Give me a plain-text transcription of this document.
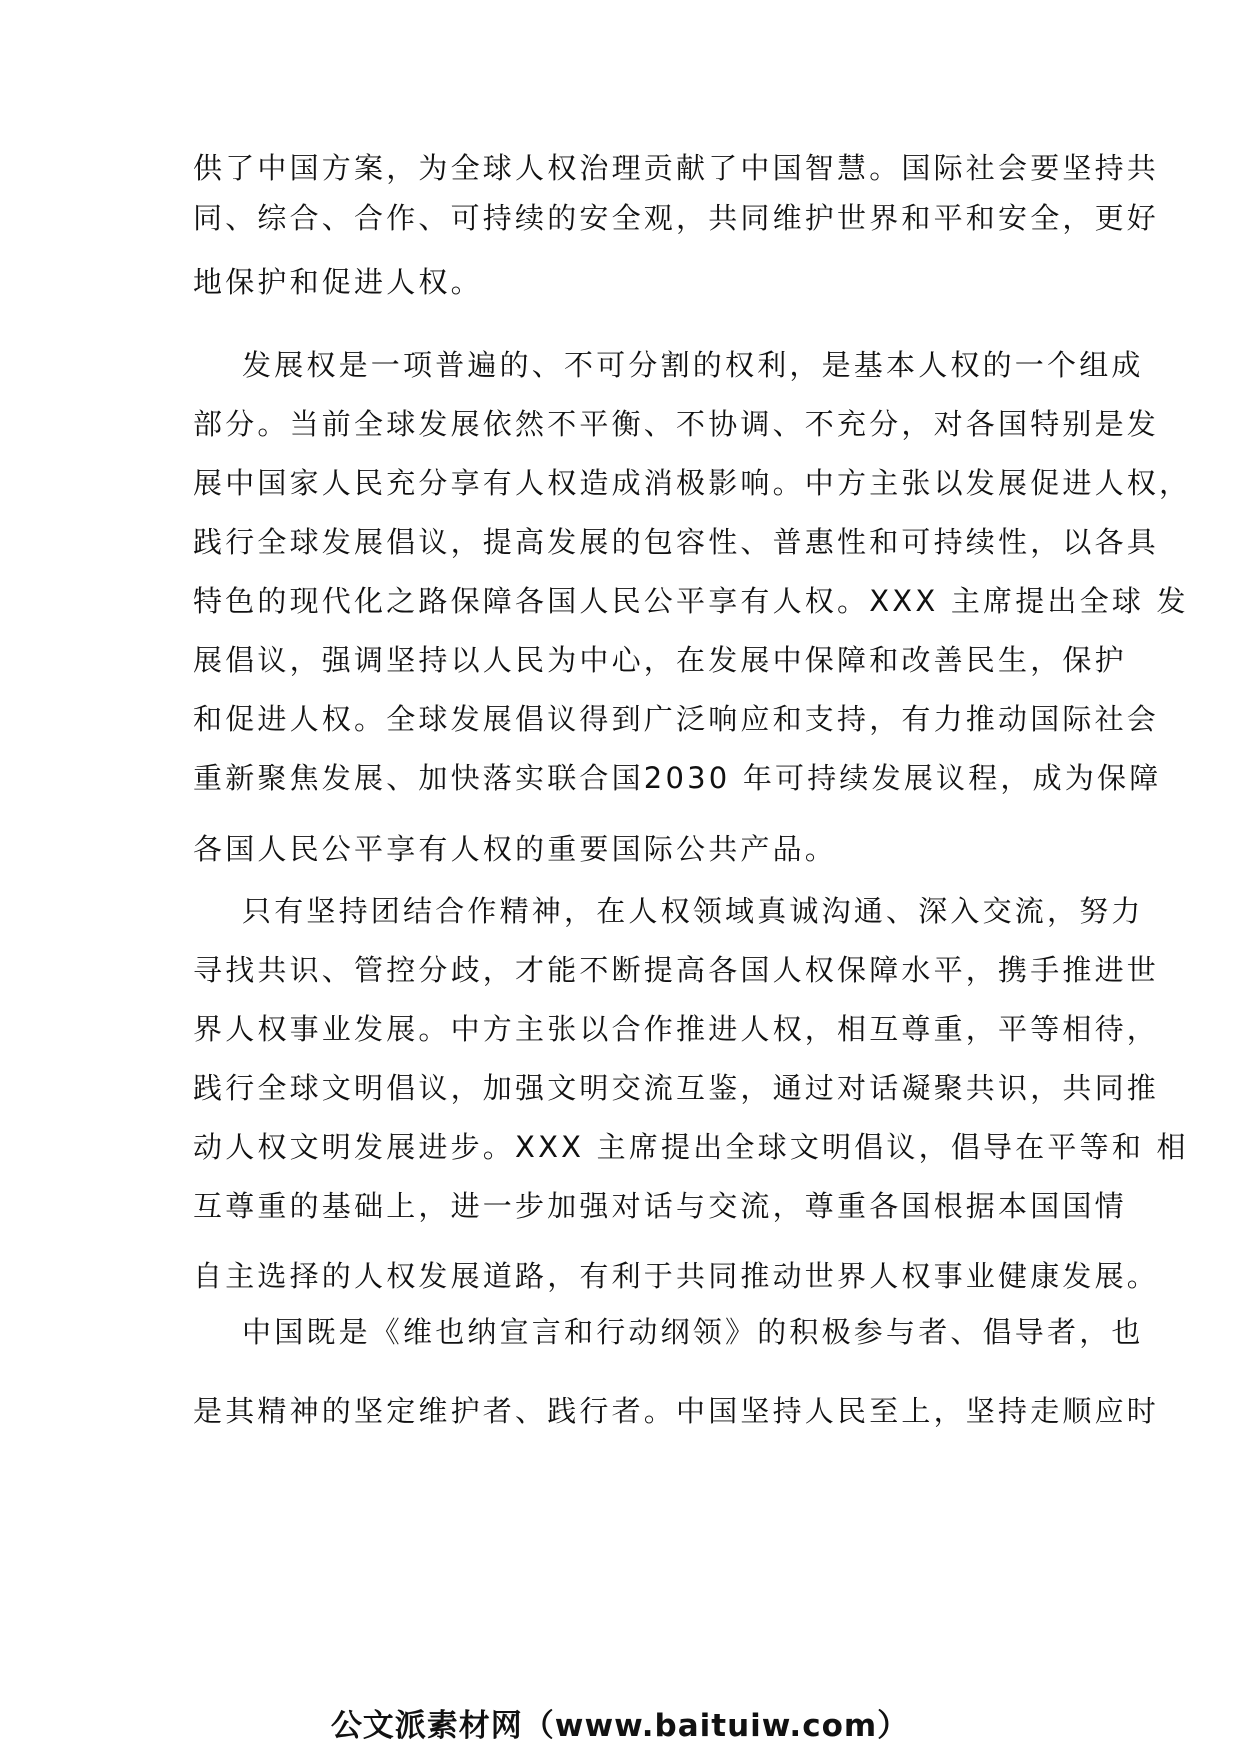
供了中国方案，为全球人权治理贡献了中国智慧。国际社会要坚持共
同、综合、合作、可持续的安全观，共同维护世界和平和安全，更好
地保护和促进人权。
发展权是一项普遍的、不可分割的权利，是基本人权的一个组成
部分。当前全球发展依然不平衡、不协调、不充分，对各国特别是发
展中国家人民充分享有人权造成消极影响。中方主张以发展促进人权，
践行全球发展倡议，提高发展的包容性、普惠性和可持续性，以各具
特色的现代化之路保障各国人民公平享有人权。XXX 主席提出全球 发
展倡议，强调坚持以人民为中心，在发展中保障和改善民生，保护
和促进人权。全球发展倡议得到广泛响应和支持，有力推动国际社会
重新聚焦发展、加快落实联合国2030 年可持续发展议程，成为保障
各国人民公平享有人权的重要国际公共产品。
只有坚持团结合作精神，在人权领域真诚沟通、深入交流，努力
寻找共识、管控分歧，才能不断提高各国人权保障水平，携手推进世
界人权事业发展。中方主张以合作推进人权，相互尊重，平等相待，
践行全球文明倡议，加强文明交流互鉴，通过对话凝聚共识，共同推
动人权文明发展进步。XXX 主席提出全球文明倡议，倡导在平等和 相
互尊重的基础上，进一步加强对话与交流，尊重各国根据本国国情
自主选择的人权发展道路，有利于共同推动世界人权事业健康发展。
中国既是《维也纳宣言和行动纲领》的积极参与者、倡导者，也
是其精神的坚定维护者、践行者。中国坚持人民至上，坚持走顺应时
公文派素材网（www.baituiw.com）
